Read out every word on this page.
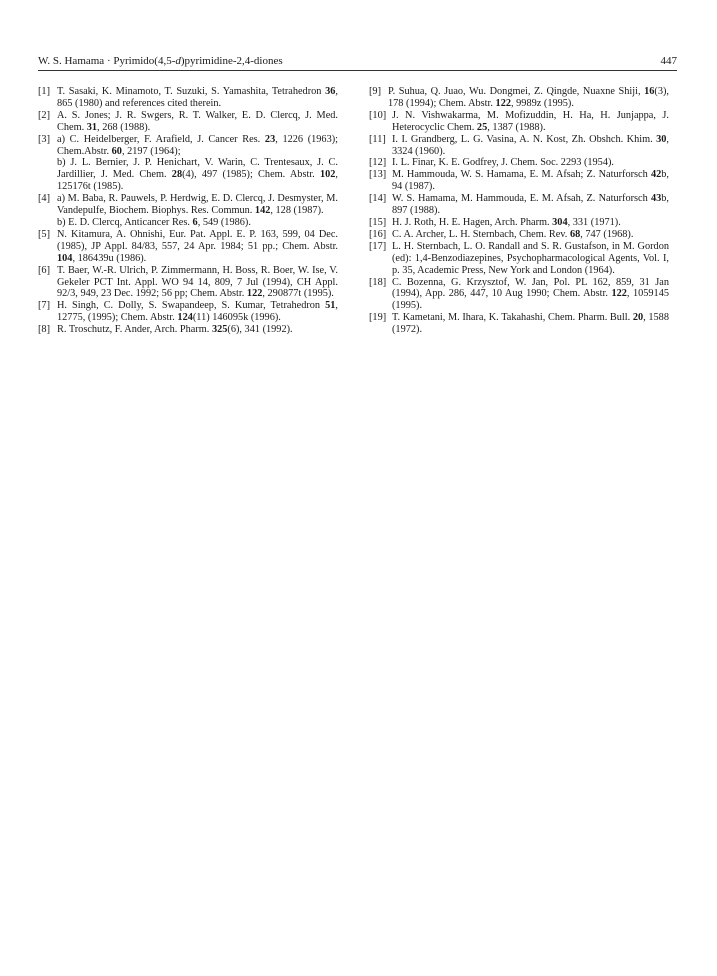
W. S. Hamama · Pyrimido(4,5-d)pyrimidine-2,4-diones	447
[1] T. Sasaki, K. Minamoto, T. Suzuki, S. Yamashita, Tetrahedron 36, 865 (1980) and references cited therein.
[2] A. S. Jones; J. R. Swgers, R. T. Walker, E. D. Clercq, J. Med. Chem. 31, 268 (1988).
[3] a) C. Heidelberger, F. Arafield, J. Cancer Res. 23, 1226 (1963); Chem.Abstr. 60, 2197 (1964);
b) J. L. Bernier, J. P. Henichart, V. Warin, C. Trentesaux, J. C. Jardillier, J. Med. Chem. 28(4), 497 (1985); Chem. Abstr. 102, 125176t (1985).
[4] a) M. Baba, R. Pauwels, P. Herdwig, E. D. Clercq, J. Desmyster, M. Vandepulfe, Biochem. Biophys. Res. Commun. 142, 128 (1987).
b) E. D. Clercq, Anticancer Res. 6, 549 (1986).
[5] N. Kitamura, A. Ohnishi, Eur. Pat. Appl. E. P. 163, 599, 04 Dec. (1985), JP Appl. 84/83, 557, 24 Apr. 1984; 51 pp.; Chem. Abstr. 104, 186439u (1986).
[6] T. Baer, W.-R. Ulrich, P. Zimmermann, H. Boss, R. Boer, W. Ise, V. Gekeler PCT Int. Appl. WO 94 14, 809, 7 Jul (1994), CH Appl. 92/3, 949, 23 Dec. 1992; 56 pp; Chem. Abstr. 122, 290877t (1995).
[7] H. Singh, C. Dolly, S. Swapandeep, S. Kumar, Tetrahedron 51, 12775, (1995); Chem. Abstr. 124(11) 146095k (1996).
[8] R. Troschutz, F. Ander, Arch. Pharm. 325(6), 341 (1992).
[9] P. Suhua, Q. Juao, Wu. Dongmei, Z. Qingde, Nuaxne Shiji, 16(3), 178 (1994); Chem. Abstr. 122, 9989z (1995).
[10] J. N. Vishwakarma, M. Mofizuddin, H. Ha, H. Junjappa, J. Heterocyclic Chem. 25, 1387 (1988).
[11] I. I. Grandberg, L. G. Vasina, A. N. Kost, Zh. Obshch. Khim. 30, 3324 (1960).
[12] I. L. Finar, K. E. Godfrey, J. Chem. Soc. 2293 (1954).
[13] M. Hammouda, W. S. Hamama, E. M. Afsah; Z. Naturforsch 42b, 94 (1987).
[14] W. S. Hamama, M. Hammouda, E. M. Afsah, Z. Naturforsch 43b, 897 (1988).
[15] H. J. Roth, H. E. Hagen, Arch. Pharm. 304, 331 (1971).
[16] C. A. Archer, L. H. Sternbach, Chem. Rev. 68, 747 (1968).
[17] L. H. Sternbach, L. O. Randall and S. R. Gustafson, in M. Gordon (ed): 1,4-Benzodiazepines, Psychopharmacological Agents, Vol. I, p. 35, Academic Press, New York and London (1964).
[18] C. Bozenna, G. Krzysztof, W. Jan, Pol. PL 162, 859, 31 Jan (1994), App. 286, 447, 10 Aug 1990; Chem. Abstr. 122, 1059145 (1995).
[19] T. Kametani, M. Ihara, K. Takahashi, Chem. Pharm. Bull. 20, 1588 (1972).
